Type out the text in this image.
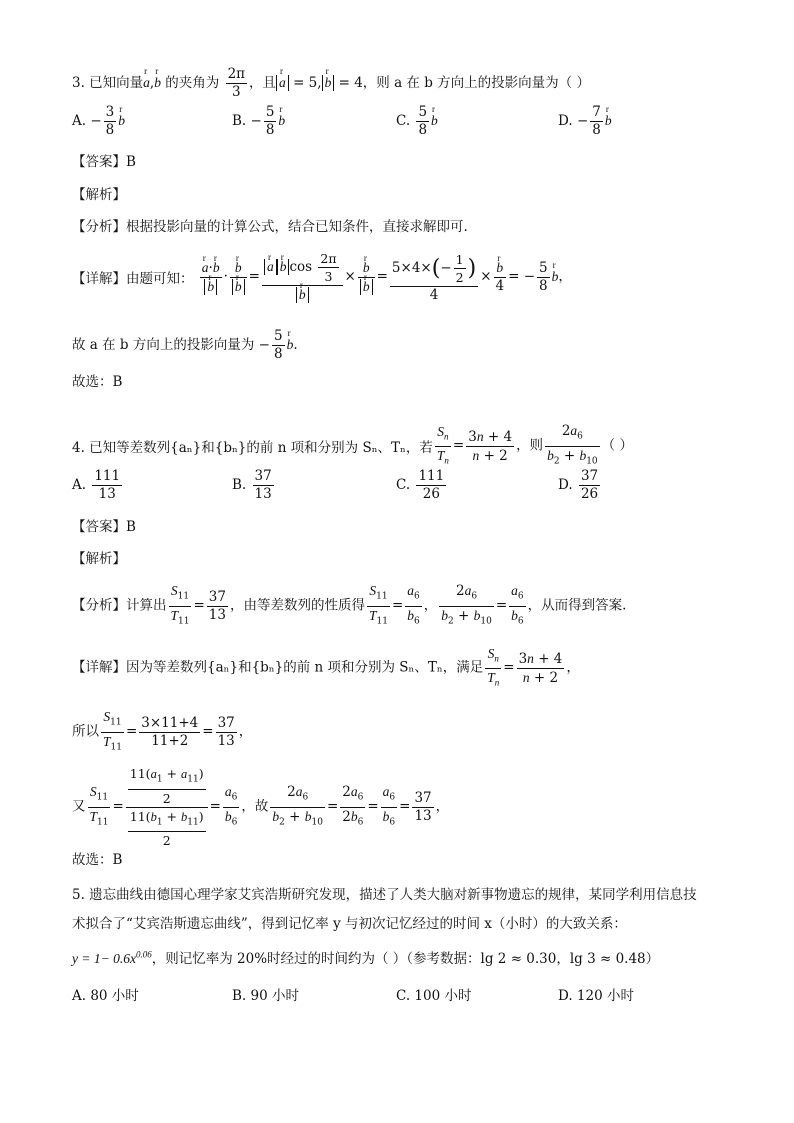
3. 已知向量r a,r b 的夹角为 $\frac{2\pi}{3}$ ，且r a = 5,r b = 4，则 a 在 b 方向上的投影向量为（ ）
A. − $\frac{3}{8}$
r b	B. − $\frac{5}{8}$
r b	C. $\frac{5}{8}$
r b	D. − $\frac{7}{8}$
r b
【答案】B
【解析】
【分析】根据投影向量的计算公式，结合已知条件，直接求解即可.
【详解】由题可知：
r a·r b
r b ·
r b
r b =
r ar b $\cos \frac{2\pi}{3}$
r b ×
r b
r $b = \frac{5\times 4\times(- \frac{1}{2} )}{4}$ ×
r $\frac{b}{4}$ = − $\frac{5}{8}$
r b，
故 a 在 b 方向上的投影向量为 − $\frac{5}{8}$
r b.
故选：B
4. 已知等差数列{aₙ}和{bₙ}的前 n 项和分别为 Sₙ、Tₙ，若 $\frac{S_n}{T_n} = \frac{3n + 4}{n + 2}$ ，则 $\frac{2a_6}{b_2 + b_{10}}$ （ ）
A. $\frac{111}{13}$	B. $\frac{37}{13}$	C. $\frac{111}{26}$	D. $\frac{37}{26}$
【答案】B
【解析】
【分析】计算出 $\frac{S_{11}}{T_{11}} = \frac{37}{13}$ ，由等差数列的性质得 $\frac{S_{11}}{T_{11}} = \frac{a_6}{b_6}$ ， $\frac{2a_6}{b_2 + b_{10}} = \frac{a_6}{b_6}$ ，从而得到答案.
【详解】因为等差数列{aₙ}和{bₙ}的前 n 项和分别为 Sₙ、Tₙ，满足 $\frac{S_n}{T_n} = \frac{3n + 4}{n + 2}$ ，
所以 $\frac{S_{11}}{T_{11}} = \frac{3\times 11+4}{11+2} = \frac{37}{13}$ ，
又 $\frac{S_{11}}{T_{11}} = \frac{\frac{11(a_1 + a_{11})}{2}}{\frac{11(b_1 + b_{11})}{2}} = \frac{a_6}{b_6}$ ，故 $\frac{2a_6}{b_2 + b_{10}} = \frac{2a_6}{2b_6} = \frac{a_6}{b_6} = \frac{37}{13}$ ，
故选：B
5. 遗忘曲线由德国心理学家艾宾浩斯研究发现，描述了人类大脑对新事物遗忘的规律，某同学利用信息技
术拟合了“艾宾浩斯遗忘曲线”，得到记忆率 y 与初次记忆经过的时间 x（小时）的大致关系：
$y = 1- 0.6x^{0.06}$，则记忆率为 20%时经过的时间约为（ ）（参考数据：lg 2 ≈ 0.30，lg 3 ≈ 0.48）
A. 80 小时	B. 90 小时	C. 100 小时	D. 120 小时
